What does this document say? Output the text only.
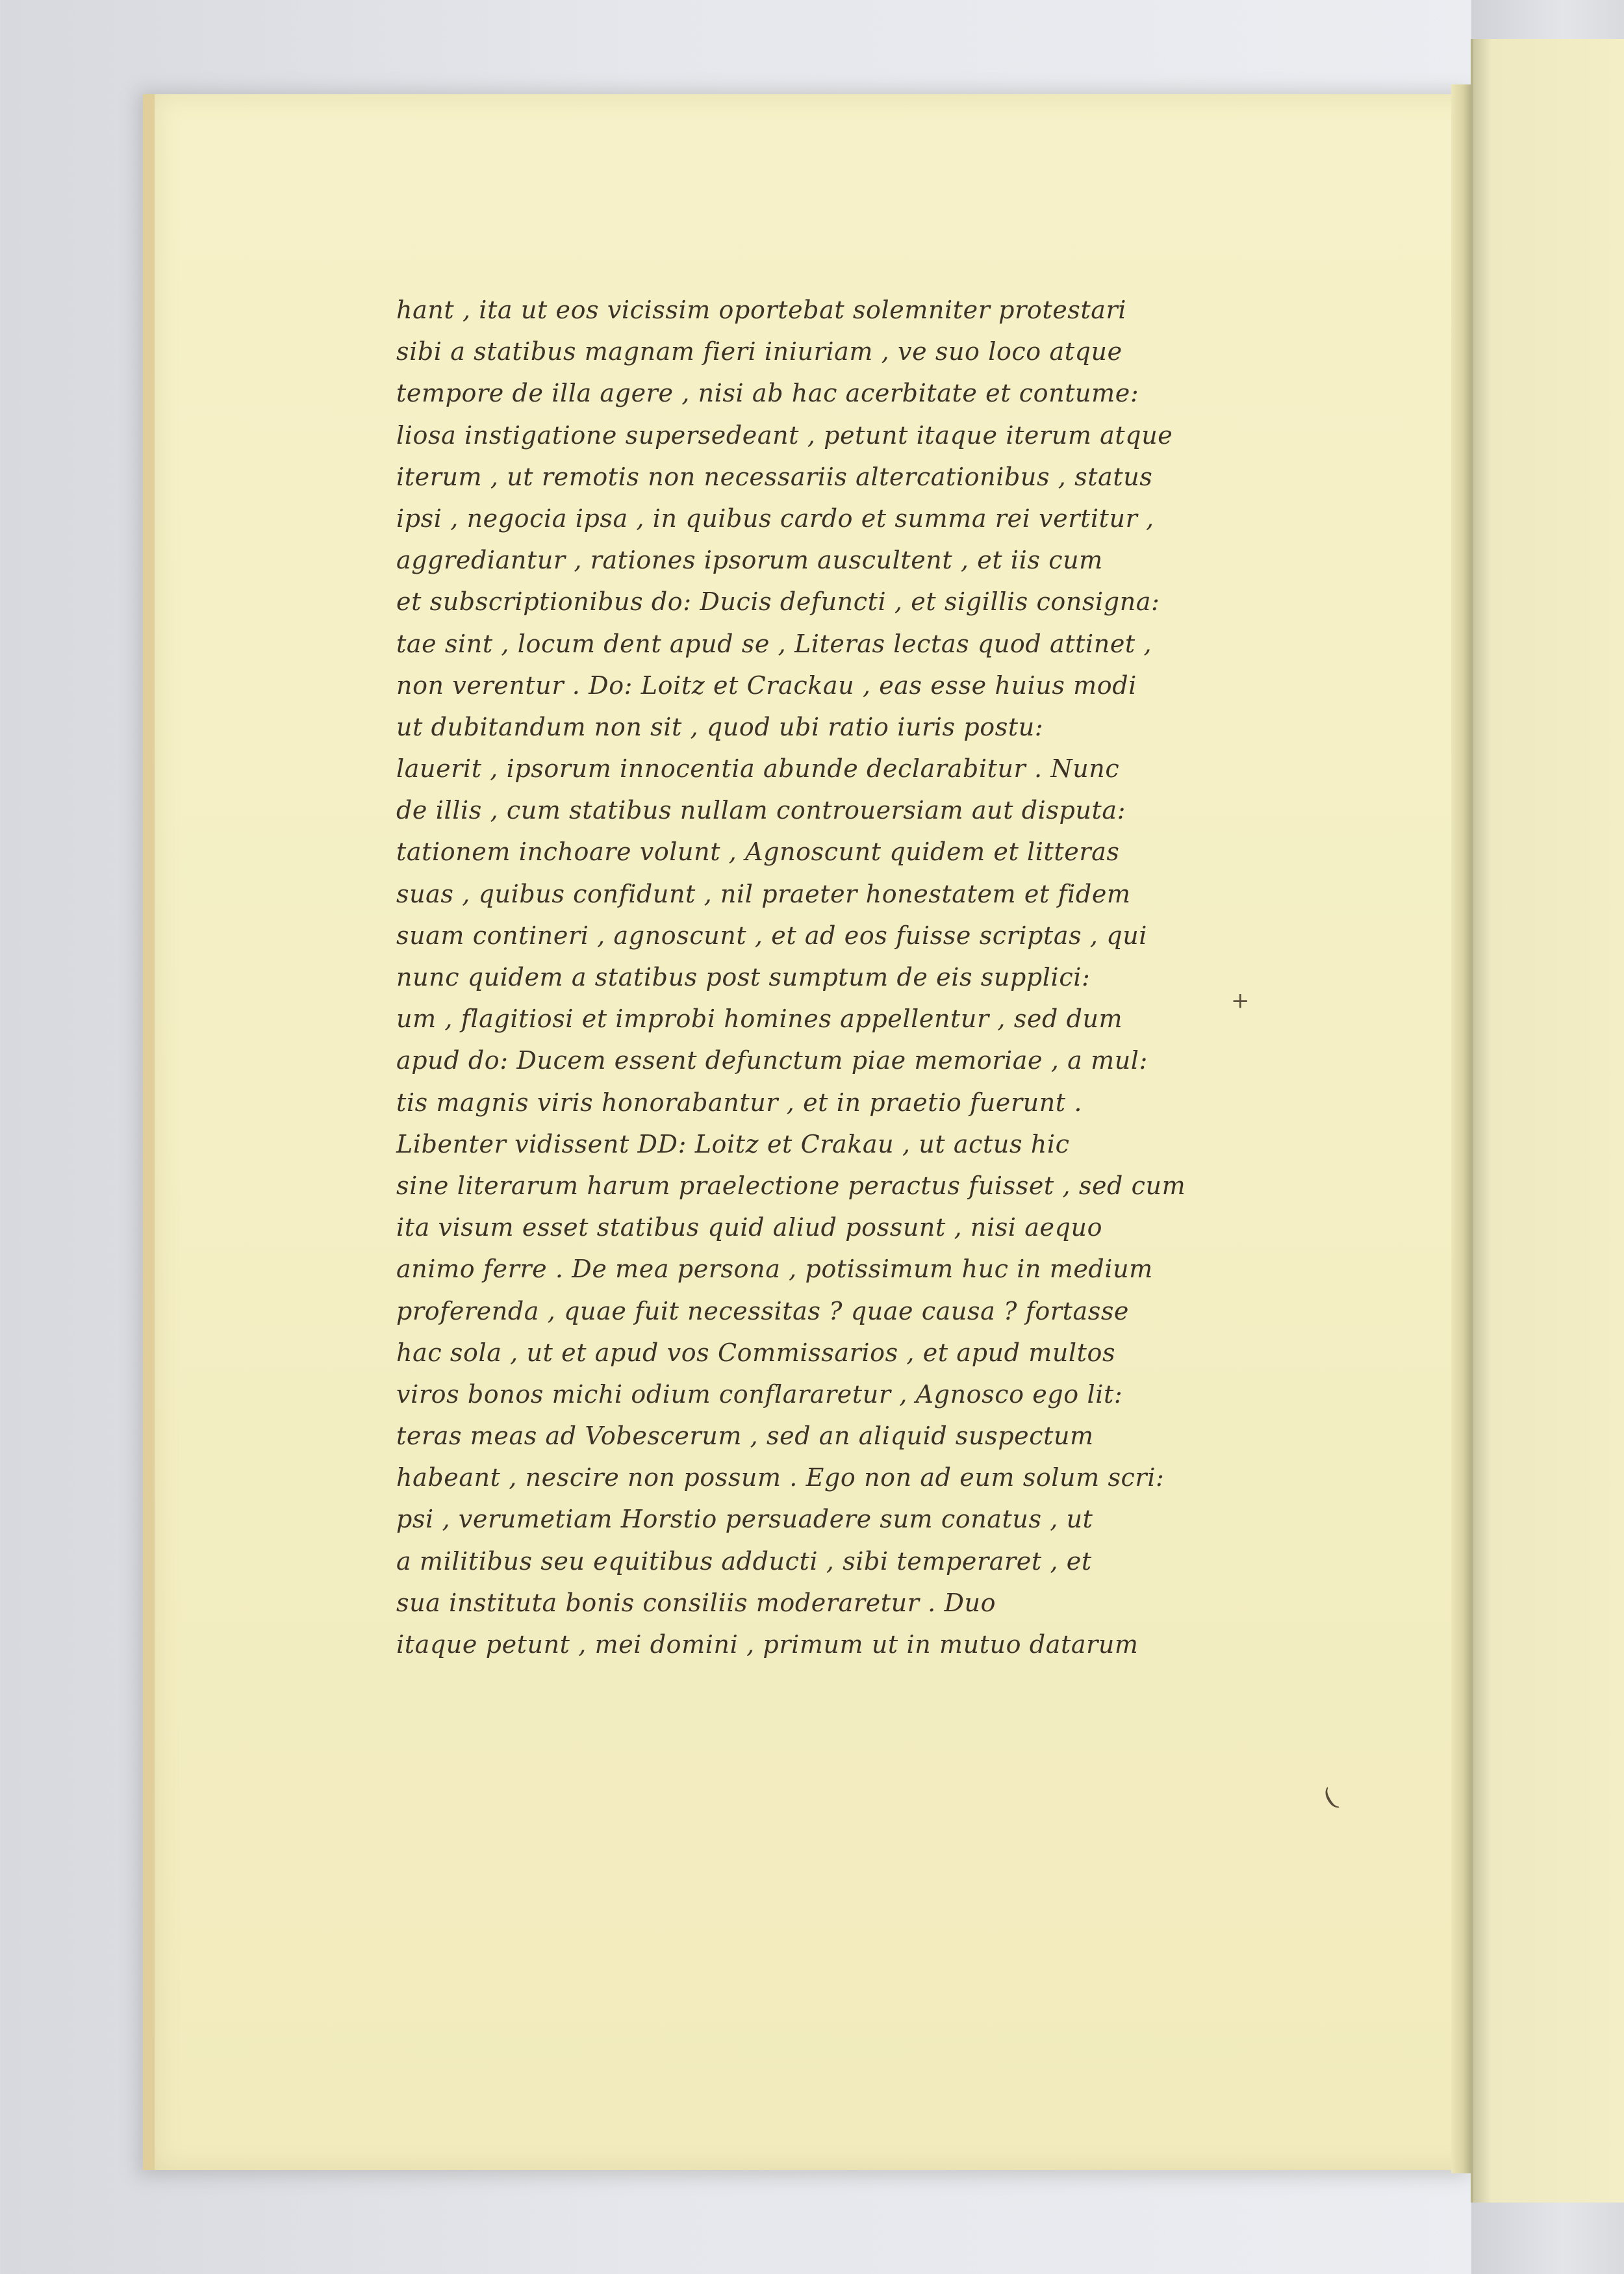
hant , ita ut eos vicissim oportebat solemniter protestari
sibi a statibus magnam fieri iniuriam , ve suo loco atque
tempore de illa agere , nisi ab hac acerbitate et contume:
liosa instigatione supersedeant , petunt itaque iterum atque
iterum , ut remotis non necessariis altercationibus , status
ipsi , negocia ipsa , in quibus cardo et summa rei vertitur ,
aggrediantur , rationes ipsorum auscultent , et iis cum
et subscriptionibus do: Ducis defuncti , et sigillis consigna:
tae sint , locum dent apud se , Literas lectas quod attinet ,
non verentur . Do: Loitz et Crackau , eas esse huius modi
ut dubitandum non sit , quod ubi ratio iuris postu:
lauerit , ipsorum innocentia abunde declarabitur . Nunc
de illis , cum statibus nullam controuersiam aut disputa:
tationem inchoare volunt , Agnoscunt quidem et litteras
suas , quibus confidunt , nil praeter honestatem et fidem
suam contineri , agnoscunt , et ad eos fuisse scriptas , qui
nunc quidem a statibus post sumptum de eis supplici:
um , flagitiosi et improbi homines appellentur , sed dum
apud do: Ducem essent defunctum piae memoriae , a mul:
tis magnis viris honorabantur , et in praetio fuerunt .
Libenter vidissent DD: Loitz et Crakau , ut actus hic
sine literarum harum praelectione peractus fuisset , sed cum
ita visum esset statibus quid aliud possunt , nisi aequo
animo ferre . De mea persona , potissimum huc in medium
proferenda , quae fuit necessitas ? quae causa ? fortasse
hac sola , ut et apud vos Commissarios , et apud multos
viros bonos michi odium conflararetur , Agnosco ego lit:
teras meas ad Vobescerum , sed an aliquid suspectum
habeant , nescire non possum . Ego non ad eum solum scri:
psi , verumetiam Horstio persuadere sum conatus , ut
a militibus seu equitibus adducti , sibi temperaret , et
sua instituta bonis consiliis moderaretur . Duo
itaque petunt , mei domini , primum ut in mutuo datarum
+
(
